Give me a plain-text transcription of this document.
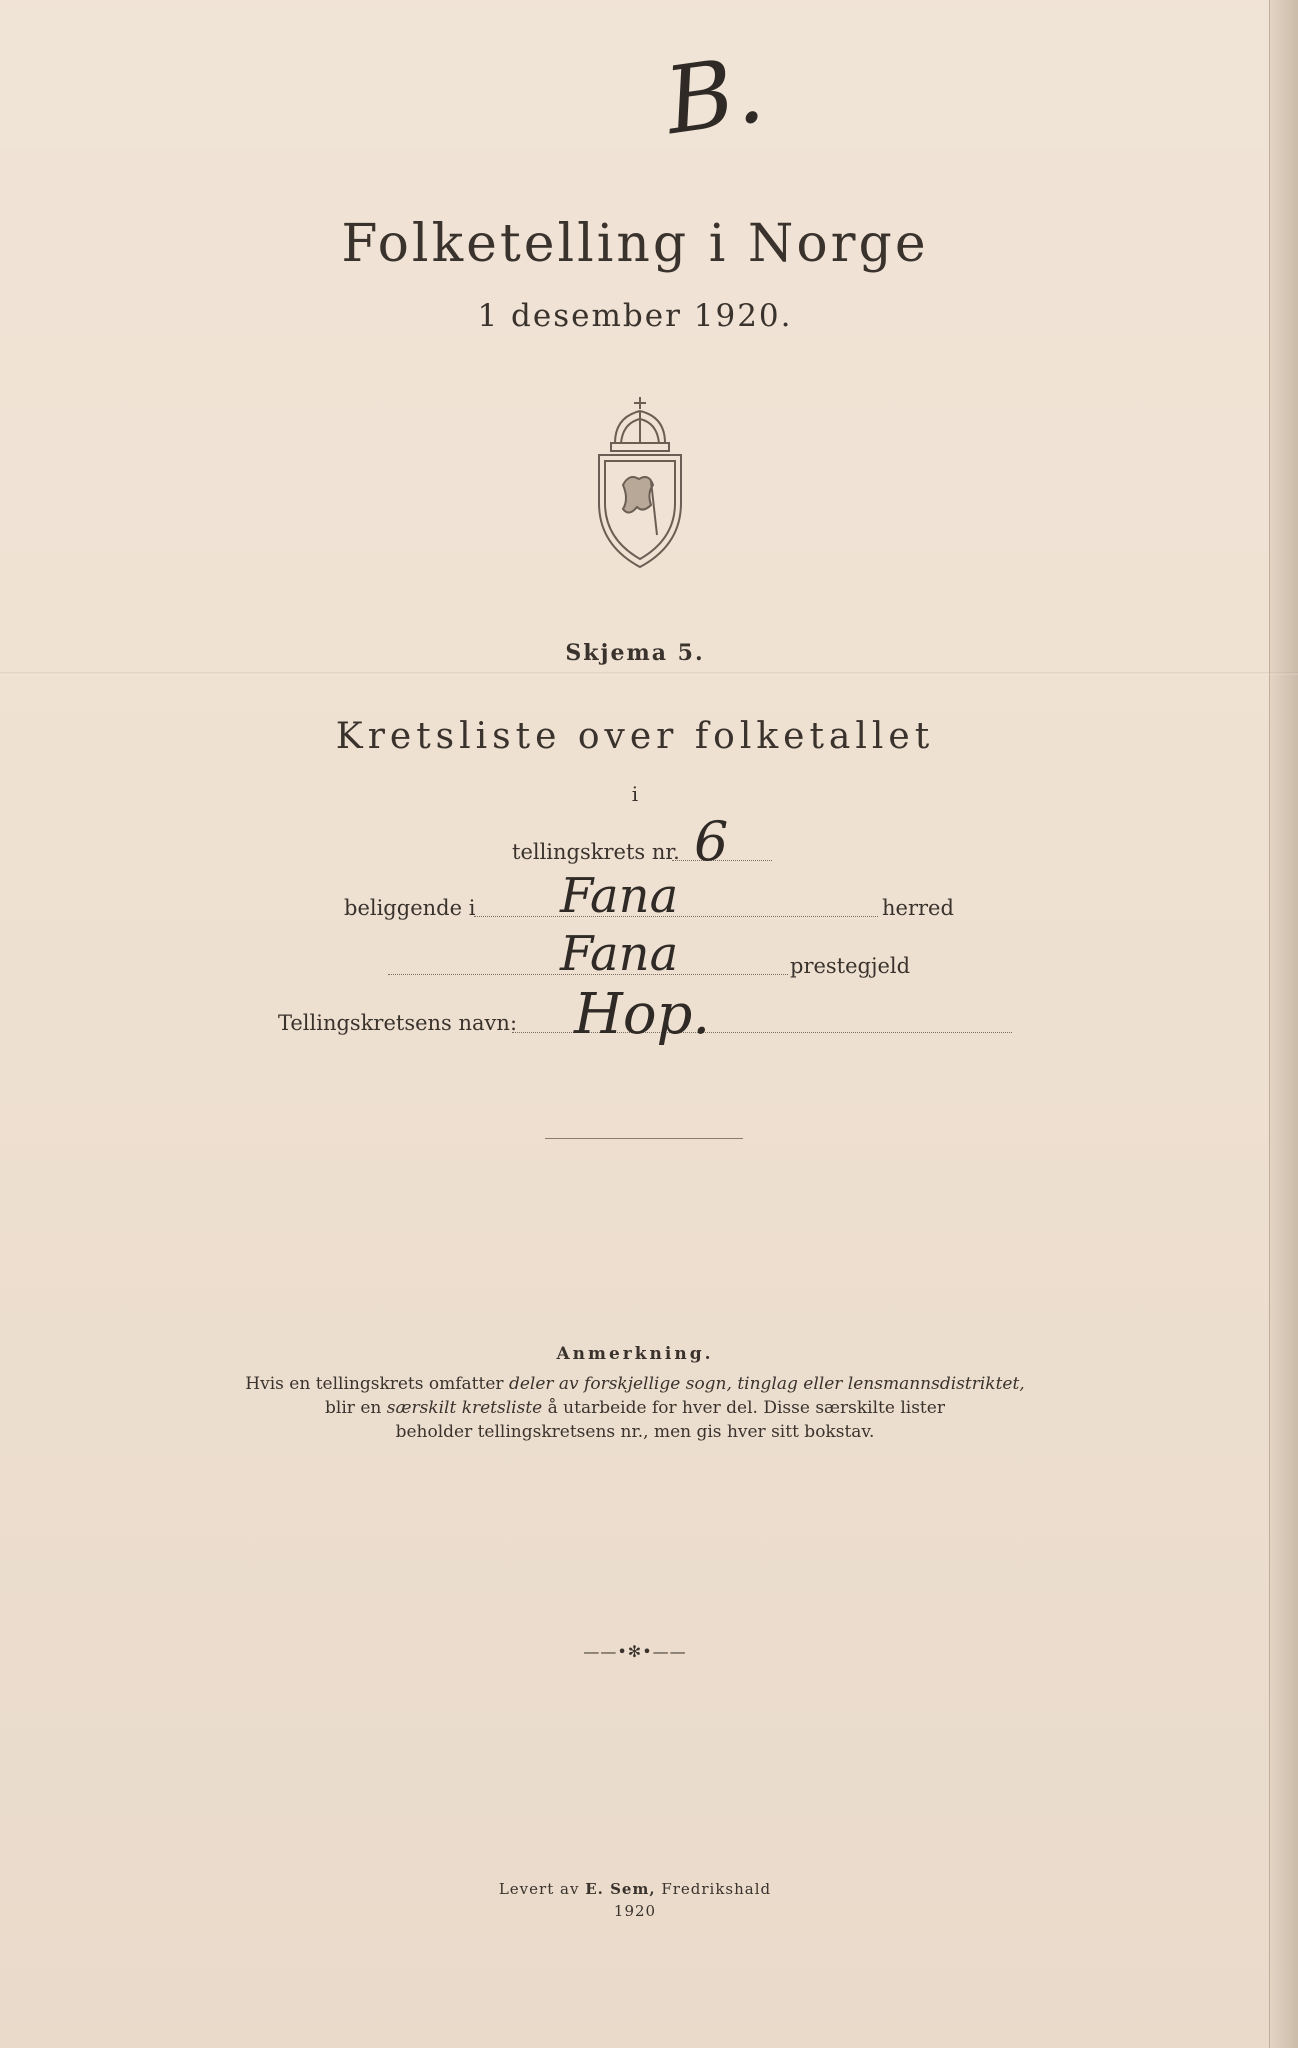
B.
Folketelling i Norge
1 desember 1920.
Skjema 5.
Kretsliste over folketallet
i
tellingskrets nr. 6
beliggende i Fana	herred
Fana	prestegjeld
Tellingskretsens navn: Hop.
Anmerkning.
Hvis en tellingskrets omfatter deler av forskjellige sogn, tinglag eller lensmannsdistriktet,
blir en særskilt kretsliste å utarbeide for hver del. Disse særskilte lister
beholder tellingskretsens nr., men gis hver sitt bokstav.
——•✻•——
Levert av E. Sem, Fredrikshald
1920
